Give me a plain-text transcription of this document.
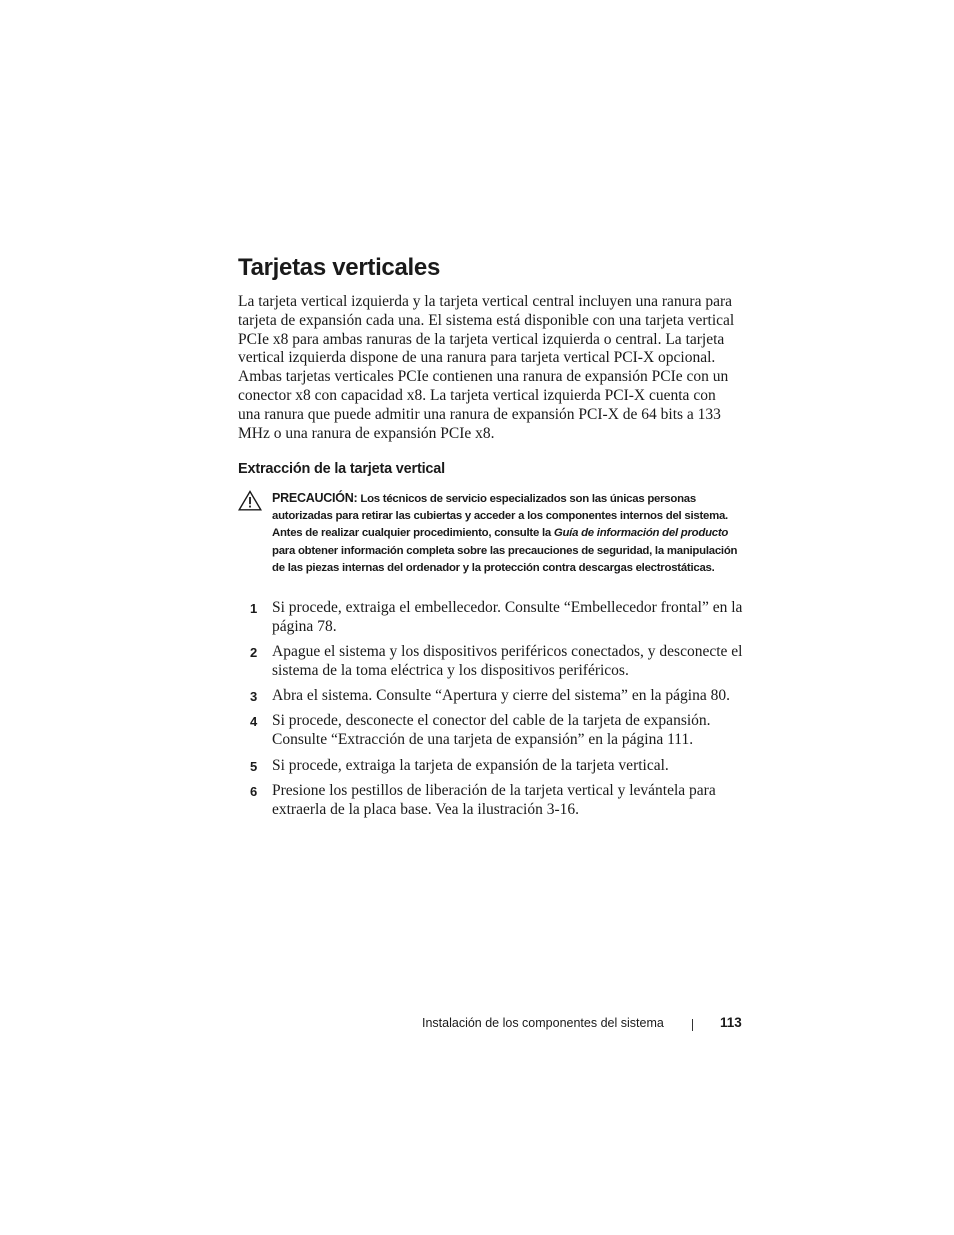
Tarjetas verticales

La tarjeta vertical izquierda y la tarjeta vertical central incluyen una ranura para tarjeta de expansión cada una. El sistema está disponible con una tarjeta vertical PCIe x8 para ambas ranuras de la tarjeta vertical izquierda o central. La tarjeta vertical izquierda dispone de una ranura para tarjeta vertical PCI-X opcional. Ambas tarjetas verticales PCIe contienen una ranura de expansión PCIe con un conector x8 con capacidad x8. La tarjeta vertical izquierda PCI-X cuenta con una ranura que puede admitir una ranura de expansión PCI-X de 64 bits a 133 MHz o una ranura de expansión PCIe x8.

Extracción de la tarjeta vertical

PRECAUCIÓN: Los técnicos de servicio especializados son las únicas personas autorizadas para retirar las cubiertas y acceder a los componentes internos del sistema. Antes de realizar cualquier procedimiento, consulte la Guía de información del producto para obtener información completa sobre las precauciones de seguridad, la manipulación de las piezas internas del ordenador y la protección contra descargas electrostáticas.

1 Si procede, extraiga el embellecedor. Consulte “Embellecedor frontal” en la página 78.
2 Apague el sistema y los dispositivos periféricos conectados, y desconecte el sistema de la toma eléctrica y los dispositivos periféricos.
3 Abra el sistema. Consulte “Apertura y cierre del sistema” en la página 80.
4 Si procede, desconecte el conector del cable de la tarjeta de expansión. Consulte “Extracción de una tarjeta de expansión” en la página 111.
5 Si procede, extraiga la tarjeta de expansión de la tarjeta vertical.
6 Presione los pestillos de liberación de la tarjeta vertical y levántela para extraerla de la placa base. Vea la ilustración 3-16.
Instalación de los componentes del sistema	113
